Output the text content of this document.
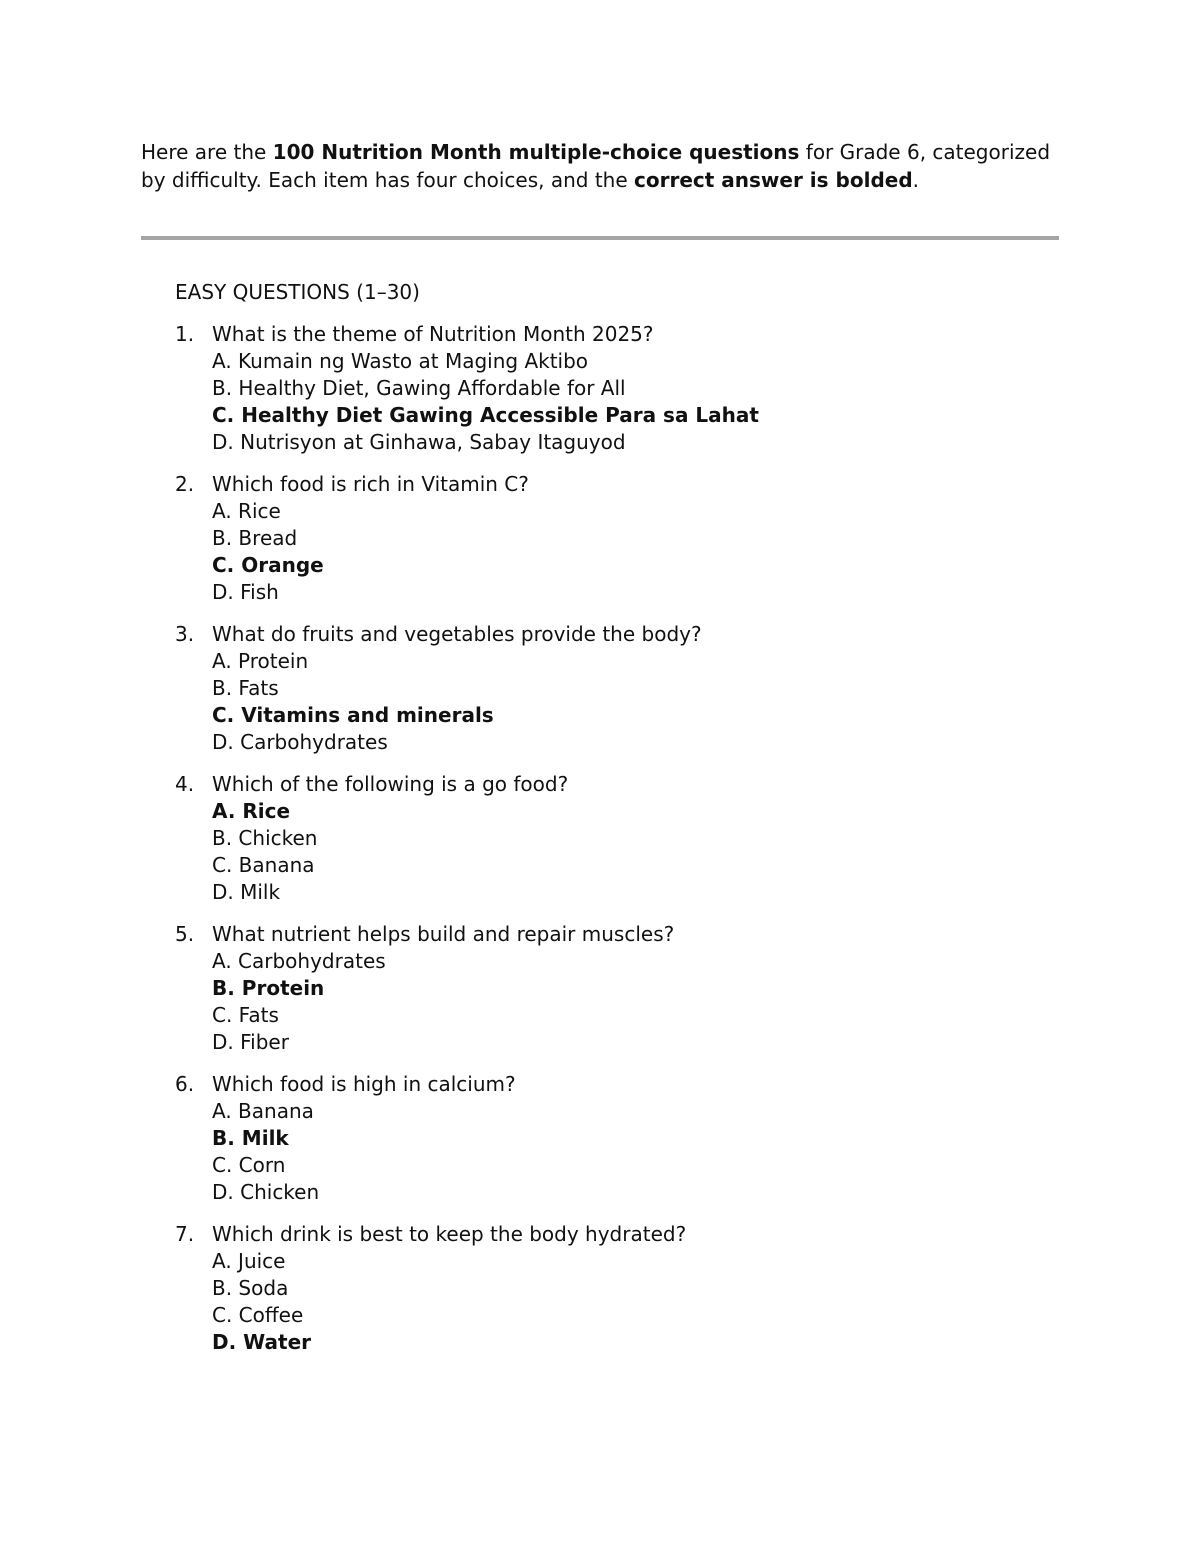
Here are the 100 Nutrition Month multiple-choice questions for Grade 6, categorized by difficulty. Each item has four choices, and the correct answer is bolded.

EASY QUESTIONS (1–30)
1. What is the theme of Nutrition Month 2025?
A. Kumain ng Wasto at Maging Aktibo
B. Healthy Diet, Gawing Affordable for All
C. Healthy Diet Gawing Accessible Para sa Lahat
D. Nutrisyon at Ginhawa, Sabay Itaguyod
2. Which food is rich in Vitamin C?
A. Rice
B. Bread
C. Orange
D. Fish
3. What do fruits and vegetables provide the body?
A. Protein
B. Fats
C. Vitamins and minerals
D. Carbohydrates
4. Which of the following is a go food?
A. Rice
B. Chicken
C. Banana
D. Milk
5. What nutrient helps build and repair muscles?
A. Carbohydrates
B. Protein
C. Fats
D. Fiber
6. Which food is high in calcium?
A. Banana
B. Milk
C. Corn
D. Chicken
7. Which drink is best to keep the body hydrated?
A. Juice
B. Soda
C. Coffee
D. Water
